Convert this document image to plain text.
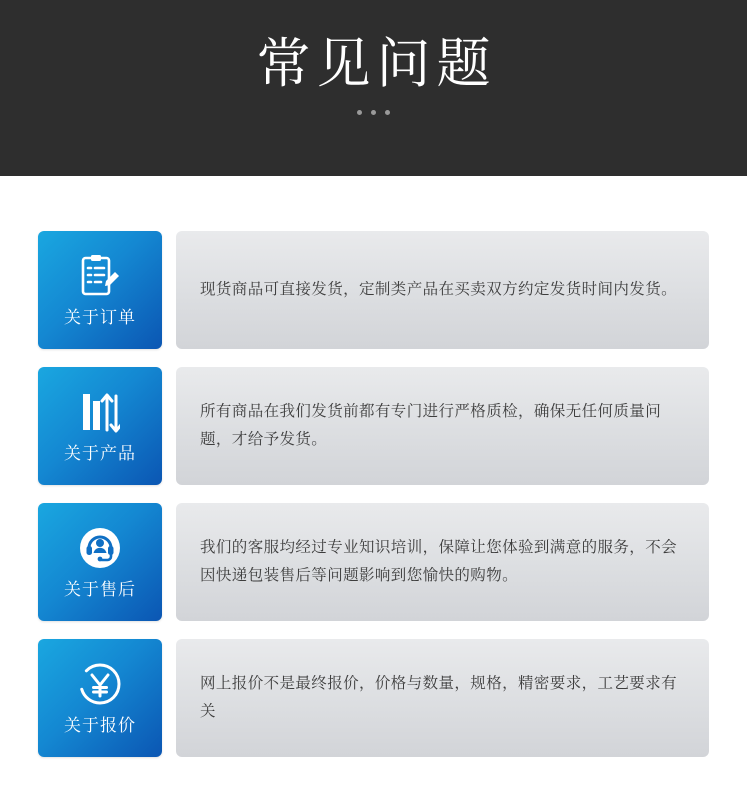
常见问题
关于订单

现货商品可直接发货，定制类产品在买卖双方约定发货时间内发货。

关于产品

所有商品在我们发货前都有专门进行严格质检，确保无任何质量问题，才给予发货。

关于售后

我们的客服均经过专业知识培训，保障让您体验到满意的服务，不会因快递包装售后等问题影响到您愉快的购物。

关于报价

网上报价不是最终报价，价格与数量，规格，精密要求，工艺要求有关
